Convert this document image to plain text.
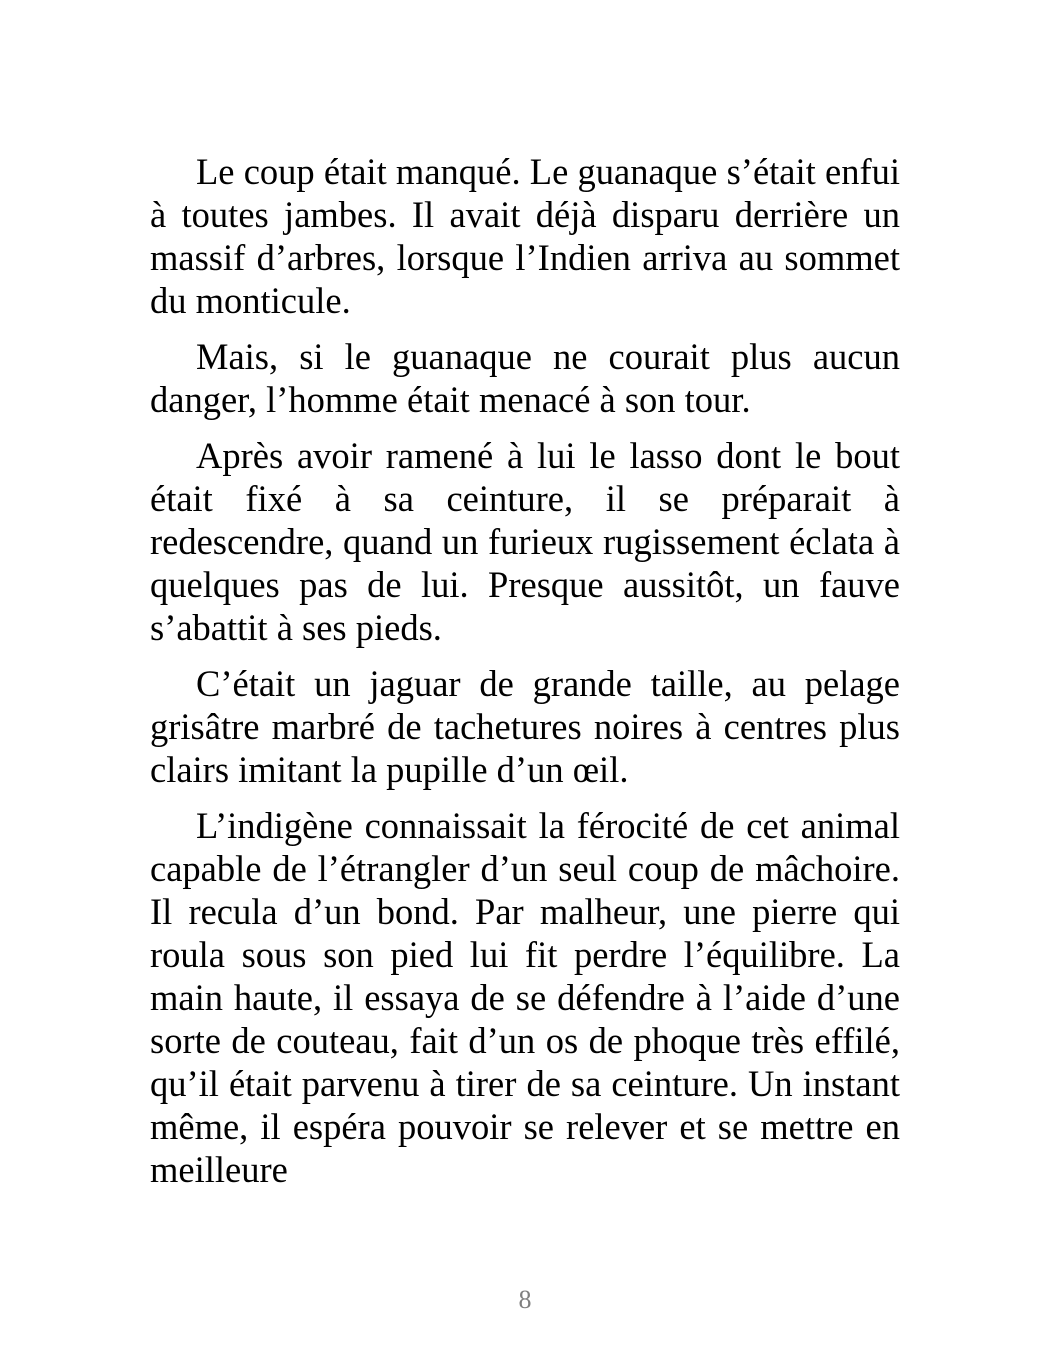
Le coup était manqué. Le guanaque s’était enfui à toutes jambes. Il avait déjà disparu derrière un massif d’arbres, lorsque l’Indien arriva au sommet du monticule.

Mais, si le guanaque ne courait plus aucun danger, l’homme était menacé à son tour.

Après avoir ramené à lui le lasso dont le bout était fixé à sa ceinture, il se préparait à redescendre, quand un furieux rugissement éclata à quelques pas de lui. Presque aussitôt, un fauve s’abattit à ses pieds.

C’était un jaguar de grande taille, au pelage grisâtre marbré de tachetures noires à centres plus clairs imitant la pupille d’un œil.

L’indigène connaissait la férocité de cet animal capable de l’étrangler d’un seul coup de mâchoire. Il recula d’un bond. Par malheur, une pierre qui roula sous son pied lui fit perdre l’équilibre. La main haute, il essaya de se défendre à l’aide d’une sorte de couteau, fait d’un os de phoque très effilé, qu’il était parvenu à tirer de sa ceinture. Un instant même, il espéra pouvoir se relever et se mettre en meilleure

8
